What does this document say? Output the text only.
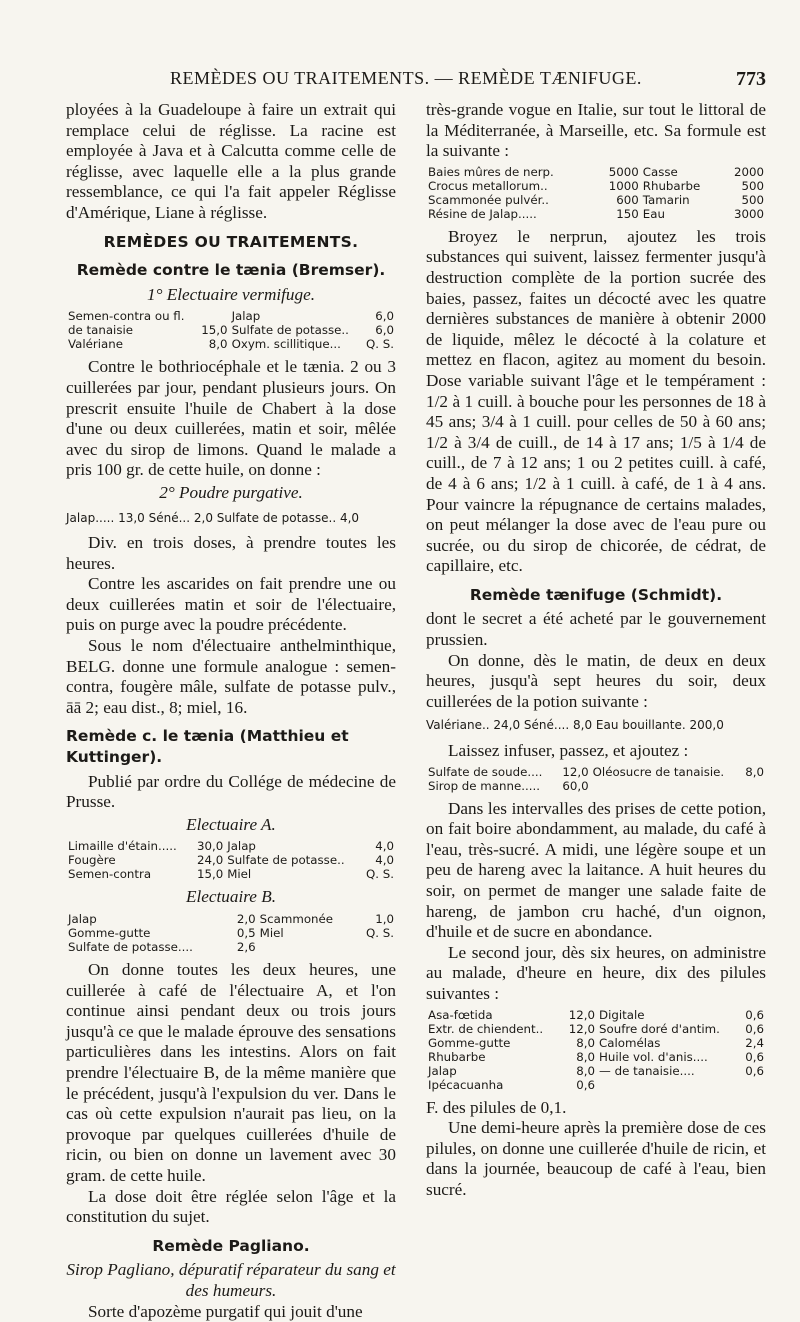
REMÈDES OU TRAITEMENTS. — REMÈDE TÆNIFUGE.	773

ployées à la Guadeloupe à faire un extrait qui remplace celui de réglisse. La racine est employée à Java et à Calcutta comme celle de réglisse, avec laquelle elle a la plus grande ressemblance, ce qui l'a fait appeler Réglisse d'Amérique, Liane à réglisse.

REMÈDES OU TRAITEMENTS.
Remède contre le tænia (Bremser).
1° Electuaire vermifuge.
Semen-contra ou fl.		Jalap	6,0
de tanaisie	15,0	Sulfate de potasse..	6,0
Valériane	8,0	Oxym. scillitique...	Q. S.

Contre le bothriocéphale et le tænia. 2 ou 3 cuillerées par jour, pendant plusieurs jours. On prescrit ensuite l'huile de Chabert à la dose d'une ou deux cuillerées, matin et soir, mêlée avec du sirop de limons. Quand le malade a pris 100 gr. de cette huile, on donne :

2° Poudre purgative.
Jalap..... 13,0 Séné... 2,0 Sulfate de potasse.. 4,0

Div. en trois doses, à prendre toutes les heures.

Contre les ascarides on fait prendre une ou deux cuillerées matin et soir de l'électuaire, puis on purge avec la poudre précédente.

Sous le nom d'électuaire anthelminthique, BELG. donne une formule analogue : semen-contra, fougère mâle, sulfate de potasse pulv., āā 2; eau dist., 8; miel, 16.

Remède c. le tænia (Matthieu et Kuttinger).

Publié par ordre du Collége de médecine de Prusse.

Electuaire A.
Limaille d'étain.....	30,0	Jalap	4,0
Fougère	24,0	Sulfate de potasse..	4,0
Semen-contra	15,0	Miel	Q. S.
Electuaire B.
Jalap	2,0	Scammonée	1,0
Gomme-gutte	0,5	Miel	Q. S.
Sulfate de potasse....	2,6		

On donne toutes les deux heures, une cuillerée à café de l'électuaire A, et l'on continue ainsi pendant deux ou trois jours jusqu'à ce que le malade éprouve des sensations particulières dans les intestins. Alors on fait prendre l'électuaire B, de la même manière que le précédent, jusqu'à l'expulsion du ver. Dans le cas où cette expulsion n'aurait pas lieu, on la provoque par quelques cuillerées d'huile de ricin, ou bien on donne un lavement avec 30 gram. de cette huile.

La dose doit être réglée selon l'âge et la constitution du sujet.

Remède Pagliano.
Sirop Pagliano, dépuratif réparateur du sang et des humeurs.

Sorte d'apozème purgatif qui jouit d'une

très-grande vogue en Italie, sur tout le littoral de la Méditerranée, à Marseille, etc. Sa formule est la suivante :

Baies mûres de nerp.	5000	Casse	2000
Crocus metallorum..	1000	Rhubarbe	500
Scammonée pulvér..	600	Tamarin	500
Résine de Jalap.....	150	Eau	3000

Broyez le nerprun, ajoutez les trois substances qui suivent, laissez fermenter jusqu'à destruction complète de la portion sucrée des baies, passez, faites un décocté avec les quatre dernières substances de manière à obtenir 2000 de liquide, mêlez le décocté à la colature et mettez en flacon, agitez au moment du besoin. Dose variable suivant l'âge et le tempérament : 1/2 à 1 cuill. à bouche pour les personnes de 18 à 45 ans; 3/4 à 1 cuill. pour celles de 50 à 60 ans; 1/2 à 3/4 de cuill., de 14 à 17 ans; 1/5 à 1/4 de cuill., de 7 à 12 ans; 1 ou 2 petites cuill. à café, de 4 à 6 ans; 1/2 à 1 cuill. à café, de 1 à 4 ans. Pour vaincre la répugnance de certains malades, on peut mélanger la dose avec de l'eau pure ou sucrée, ou du sirop de chicorée, de cédrat, de capillaire, etc.

Remède tænifuge (Schmidt).

dont le secret a été acheté par le gouvernement prussien.

On donne, dès le matin, de deux en deux heures, jusqu'à sept heures du soir, deux cuillerées de la potion suivante :

Valériane.. 24,0 Séné.... 8,0 Eau bouillante. 200,0

Laissez infuser, passez, et ajoutez :

Sulfate de soude....	12,0	Oléosucre de tanaisie.	8,0
Sirop de manne.....	60,0		

Dans les intervalles des prises de cette potion, on fait boire abondamment, au malade, du café à l'eau, très-sucré. A midi, une légère soupe et un peu de hareng avec la laitance. A huit heures du soir, on permet de manger une salade faite de hareng, de jambon cru haché, d'un oignon, d'huile et de sucre en abondance.

Le second jour, dès six heures, on administre au malade, d'heure en heure, dix des pilules suivantes :

Asa-fœtida	12,0	Digitale	0,6
Extr. de chiendent..	12,0	Soufre doré d'antim.	0,6
Gomme-gutte	8,0	Calomélas	2,4
Rhubarbe	8,0	Huile vol. d'anis....	0,6
Jalap	8,0	— de tanaisie....	0,6
Ipécacuanha	0,6		

F. des pilules de 0,1.

Une demi-heure après la première dose de ces pilules, on donne une cuillerée d'huile de ricin, et dans la journée, beaucoup de café à l'eau, bien sucré.
